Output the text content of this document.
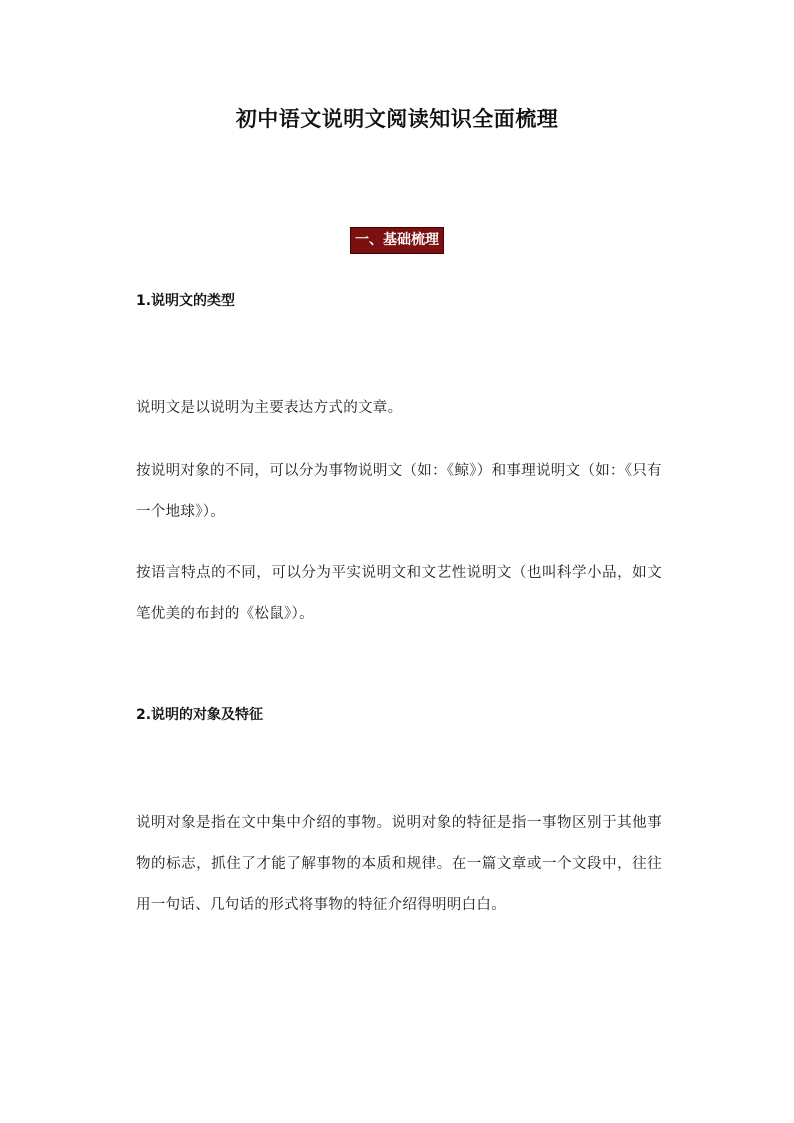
初中语文说明文阅读知识全面梳理
一、基础梳理
1.说明文的类型
说明文是以说明为主要表达方式的文章。
按说明对象的不同，可以分为事物说明文（如：《鲸》）和事理说明文（如：《只有一个地球》）。
按语言特点的不同，可以分为平实说明文和文艺性说明文（也叫科学小品，如文笔优美的布封的《松鼠》）。
2.说明的对象及特征
说明对象是指在文中集中介绍的事物。说明对象的特征是指一事物区别于其他事物的标志，抓住了才能了解事物的本质和规律。在一篇文章或一个文段中，往往用一句话、几句话的形式将事物的特征介绍得明明白白。
